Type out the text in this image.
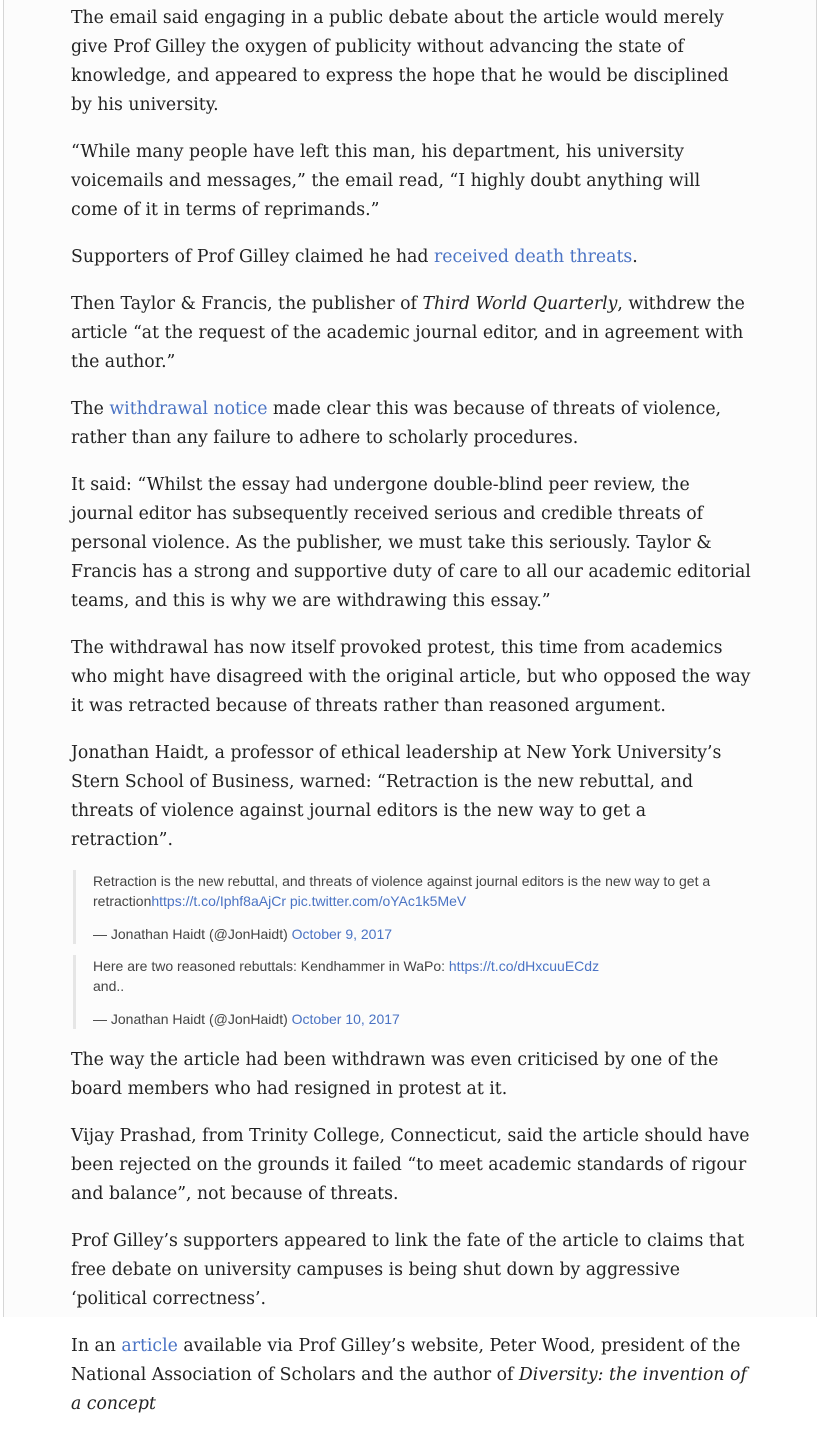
The email said engaging in a public debate about the article would merely give Prof Gilley the oxygen of publicity without advancing the state of knowledge, and appeared to express the hope that he would be disciplined by his university.

“While many people have left this man, his department, his university voicemails and messages,” the email read, “I highly doubt anything will come of it in terms of reprimands.”

Supporters of Prof Gilley claimed he had received death threats.

Then Taylor & Francis, the publisher of Third World Quarterly, withdrew the article “at the request of the academic journal editor, and in agreement with the author.”

The withdrawal notice made clear this was because of threats of violence, rather than any failure to adhere to scholarly procedures.

It said: “Whilst the essay had undergone double-blind peer review, the journal editor has subsequently received serious and credible threats of personal violence. As the publisher, we must take this seriously. Taylor & Francis has a strong and supportive duty of care to all our academic editorial teams, and this is why we are withdrawing this essay.”

The withdrawal has now itself provoked protest, this time from academics who might have disagreed with the original article, but who opposed the way it was retracted because of threats rather than reasoned argument.

Jonathan Haidt, a professor of ethical leadership at New York University’s Stern School of Business, warned: “Retraction is the new rebuttal, and threats of violence against journal editors is the new way to get a retraction”.

Retraction is the new rebuttal, and threats of violence against journal editors is the new way to get a retractionhttps://t.co/Iphf8aAjCr pic.twitter.com/oYAc1k5MeV
— Jonathan Haidt (@JonHaidt) October 9, 2017
Here are two reasoned rebuttals: Kendhammer in WaPo: https://t.co/dHxcuuECdz
and..
— Jonathan Haidt (@JonHaidt) October 10, 2017

The way the article had been withdrawn was even criticised by one of the board members who had resigned in protest at it.

Vijay Prashad, from Trinity College, Connecticut, said the article should have been rejected on the grounds it failed “to meet academic standards of rigour and balance”, not because of threats.

Prof Gilley’s supporters appeared to link the fate of the article to claims that free debate on university campuses is being shut down by aggressive ‘political correctness’.

In an article available via Prof Gilley’s website, Peter Wood, president of the National Association of Scholars and the author of Diversity: the invention of a concept
